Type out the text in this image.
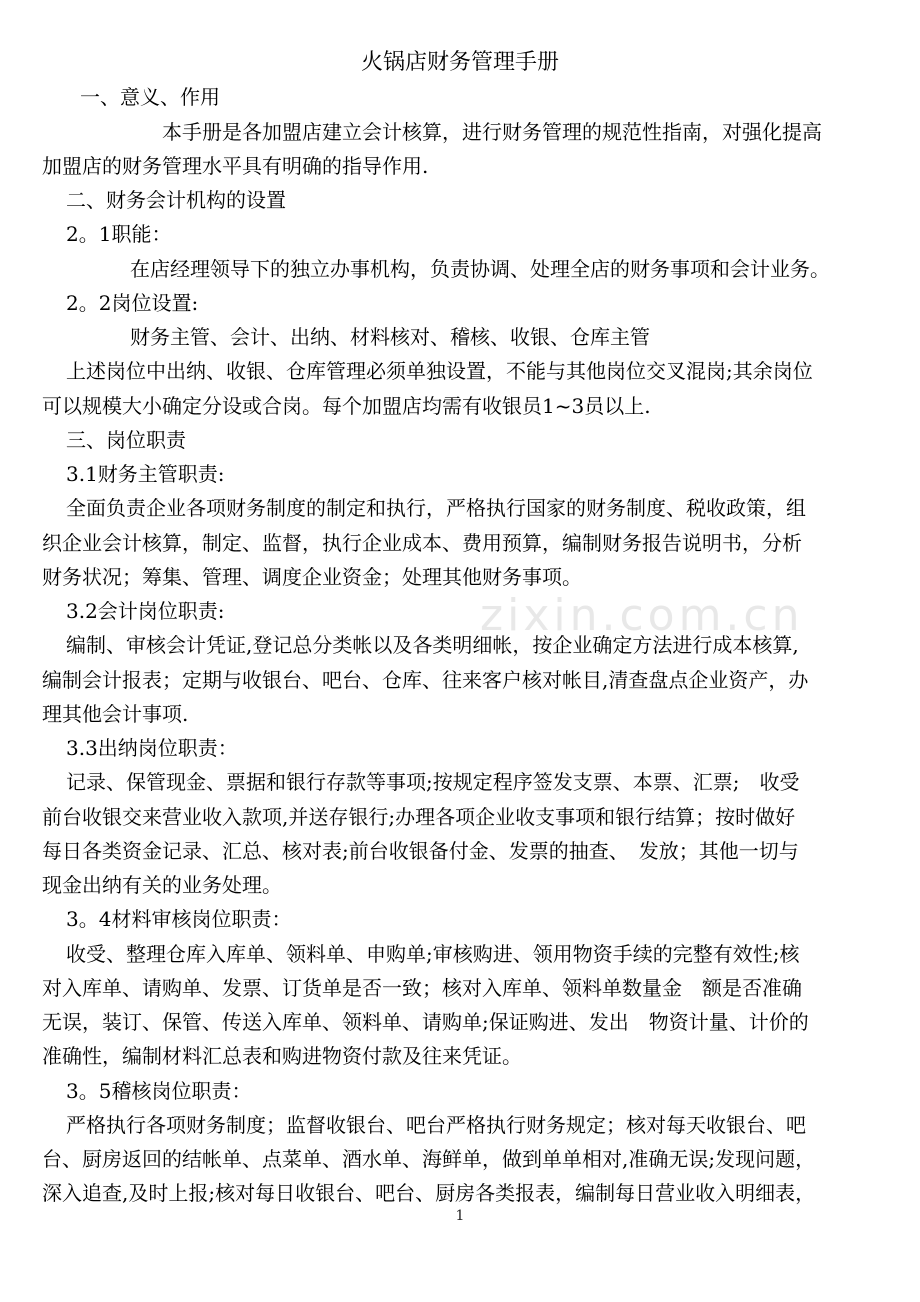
zixin.com.cn
火锅店财务管理手册
一、意义、作用
本手册是各加盟店建立会计核算，进行财务管理的规范性指南，对强化提高
加盟店的财务管理水平具有明确的指导作用.
二、财务会计机构的设置
2。1职能：
在店经理领导下的独立办事机构，负责协调、处理全店的财务事项和会计业务。
2。2岗位设置:
财务主管、会计、出纳、材料核对、稽核、收银、仓库主管
上述岗位中出纳、收银、仓库管理必须单独设置，不能与其他岗位交叉混岗;其余岗位
可以规模大小确定分设或合岗。每个加盟店均需有收银员1~3员以上.
三、岗位职责
3.1财务主管职责:
全面负责企业各项财务制度的制定和执行，严格执行国家的财务制度、税收政策，组
织企业会计核算，制定、监督，执行企业成本、费用预算，编制财务报告说明书，分析
财务状况；筹集、管理、调度企业资金；处理其他财务事项。
3.2会计岗位职责:
编制、审核会计凭证,登记总分类帐以及各类明细帐，按企业确定方法进行成本核算,
编制会计报表；定期与收银台、吧台、仓库、往来客户核对帐目,清查盘点企业资产，办
理其他会计事项.
3.3出纳岗位职责：
记录、保管现金、票据和银行存款等事项;按规定程序签发支票、本票、汇票;　收受
前台收银交来营业收入款项,并送存银行;办理各项企业收支事项和银行结算；按时做好
每日各类资金记录、汇总、核对表;前台收银备付金、发票的抽查、　发放；其他一切与
现金出纳有关的业务处理。
3。4材料审核岗位职责：
收受、整理仓库入库单、领料单、申购单;审核购进、领用物资手续的完整有效性;核
对入库单、请购单、发票、订货单是否一致；核对入库单、领料单数量金　额是否准确
无误，装订、保管、传送入库单、领料单、请购单;保证购进、发出　物资计量、计价的
准确性，编制材料汇总表和购进物资付款及往来凭证。
3。5稽核岗位职责：
严格执行各项财务制度；监督收银台、吧台严格执行财务规定；核对每天收银台、吧
台、厨房返回的结帐单、点菜单、酒水单、海鲜单，做到单单相对,准确无误;发现问题，
深入追查,及时上报;核对每日收银台、吧台、厨房各类报表，编制每日营业收入明细表，
1
